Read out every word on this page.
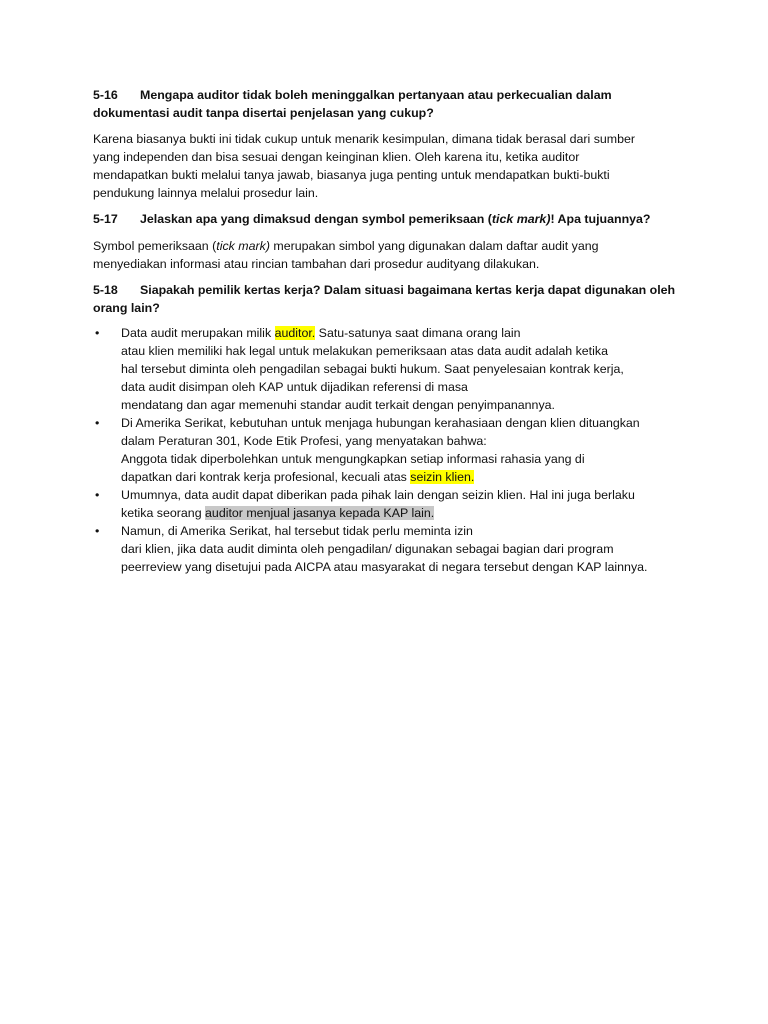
5-16 Mengapa auditor tidak boleh meninggalkan pertanyaan atau perkecualian dalam
dokumentasi audit tanpa disertai penjelasan yang cukup?

Karena biasanya bukti ini tidak cukup untuk menarik kesimpulan, dimana tidak berasal dari sumber
yang independen dan bisa sesuai dengan keinginan klien. Oleh karena itu, ketika auditor
mendapatkan bukti melalui tanya jawab, biasanya juga penting untuk mendapatkan bukti-bukti
pendukung lainnya melalui prosedur lain.

5-17 Jelaskan apa yang dimaksud dengan symbol pemeriksaan (tick mark)! Apa tujuannya?

Symbol pemeriksaan (tick mark) merupakan simbol yang digunakan dalam daftar audit yang
menyediakan informasi atau rincian tambahan dari prosedur audityang dilakukan.

5-18 Siapakah pemilik kertas kerja? Dalam situasi bagaimana kertas kerja dapat digunakan oleh
orang lain?

• Data audit merupakan milik auditor. Satu-satunya saat dimana orang lain
atau klien memiliki hak legal untuk melakukan pemeriksaan atas data audit adalah ketika
hal tersebut diminta oleh pengadilan sebagai bukti hukum. Saat penyelesaian kontrak kerja,
data audit disimpan oleh KAP untuk dijadikan referensi di masa
mendatang dan agar memenuhi standar audit terkait dengan penyimpanannya.
• Di Amerika Serikat, kebutuhan untuk menjaga hubungan kerahasiaan dengan klien dituangkan
dalam Peraturan 301, Kode Etik Profesi, yang menyatakan bahwa:
Anggota tidak diperbolehkan untuk mengungkapkan setiap informasi rahasia yang di
dapatkan dari kontrak kerja profesional, kecuali atas seizin klien.
• Umumnya, data audit dapat diberikan pada pihak lain dengan seizin klien. Hal ini juga berlaku
ketika seorang auditor menjual jasanya kepada KAP lain.
• Namun, di Amerika Serikat, hal tersebut tidak perlu meminta izin
dari klien, jika data audit diminta oleh pengadilan/ digunakan sebagai bagian dari program
peerreview yang disetujui pada AICPA atau masyarakat di negara tersebut dengan KAP lainnya.
